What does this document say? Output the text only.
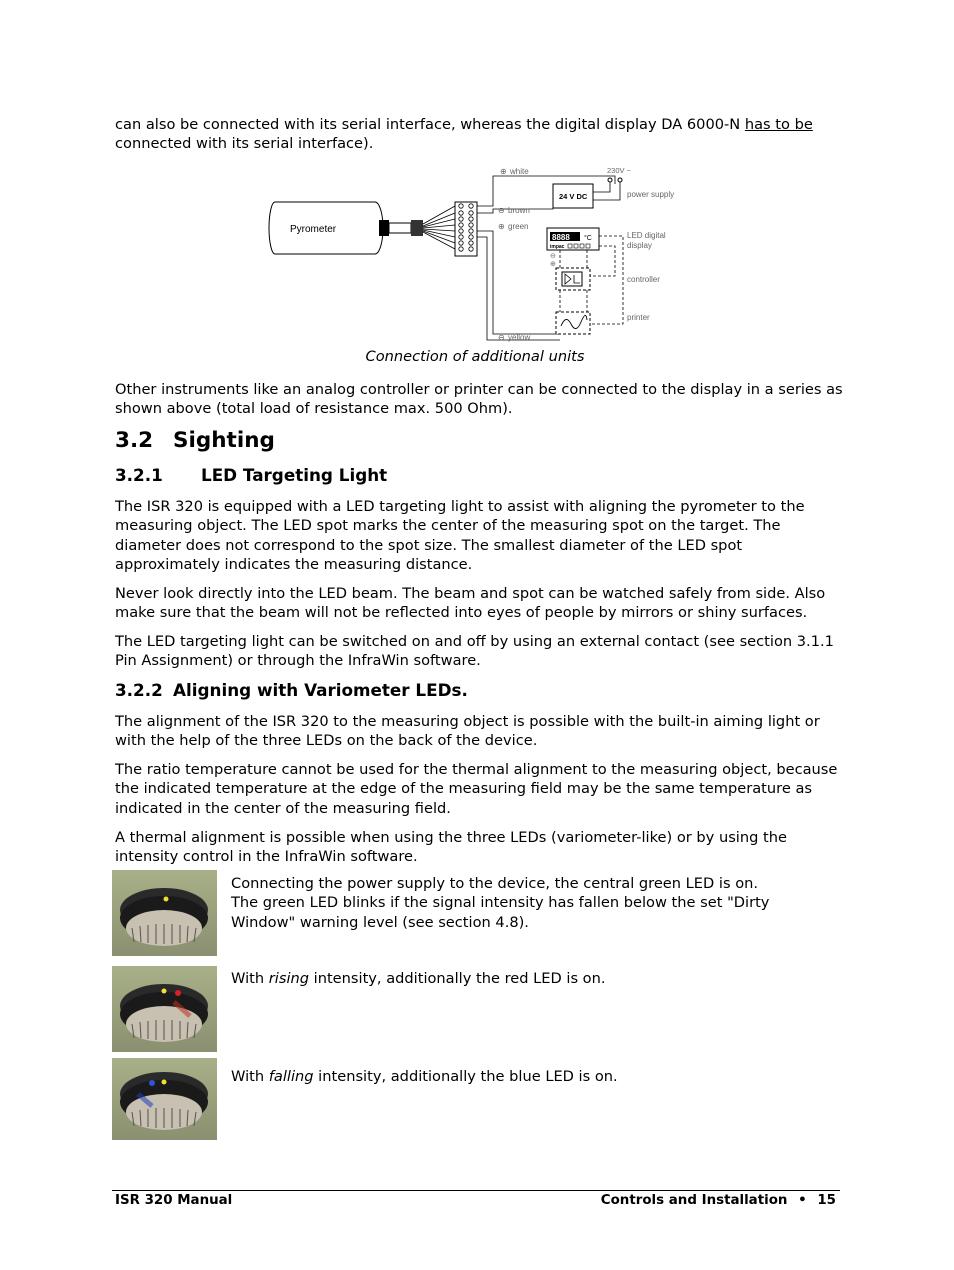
can also be connected with its serial interface, whereas the digital display DA 6000-N has to be
connected with its serial interface).

Pyrometer
⊕ white
⊖ brown
⊕ green
⊖ yellow
24 V DC
230V ~
power supply
8888 °C
impac
LED digital
display
⊖
⊕
controller
printer
Connection of additional units

Other instruments like an analog controller or printer can be connected to the display in a series as shown above (total load of resistance max. 500 Ohm).

3.2 Sighting
3.2.1 LED Targeting Light

The ISR 320 is equipped with a LED targeting light to assist with aligning the pyrometer to the measuring object. The LED spot marks the center of the measuring spot on the target. The diameter does not correspond to the spot size. The smallest diameter of the LED spot approximately indicates the measuring distance.

Never look directly into the LED beam. The beam and spot can be watched safely from side. Also make sure that the beam will not be reflected into eyes of people by mirrors or shiny surfaces.

The LED targeting light can be switched on and off by using an external contact (see section 3.1.1 Pin Assignment) or through the InfraWin software.

3.2.2 Aligning with Variometer LEDs.

The alignment of the ISR 320 to the measuring object is possible with the built-in aiming light or with the help of the three LEDs on the back of the device.

The ratio temperature cannot be used for the thermal alignment to the measuring object, because the indicated temperature at the edge of the measuring field may be the same temperature as indicated in the center of the measuring field.

A thermal alignment is possible when using the three LEDs (variometer-like) or by using the intensity control in the InfraWin software.

Connecting the power supply to the device, the central green LED is on.
The green LED blinks if the signal intensity has fallen below the set "Dirty Window" warning level (see section 4.8).
With rising intensity, additionally the red LED is on.
With falling intensity, additionally the blue LED is on.
ISR 320 Manual	Controls and Installation • 15
